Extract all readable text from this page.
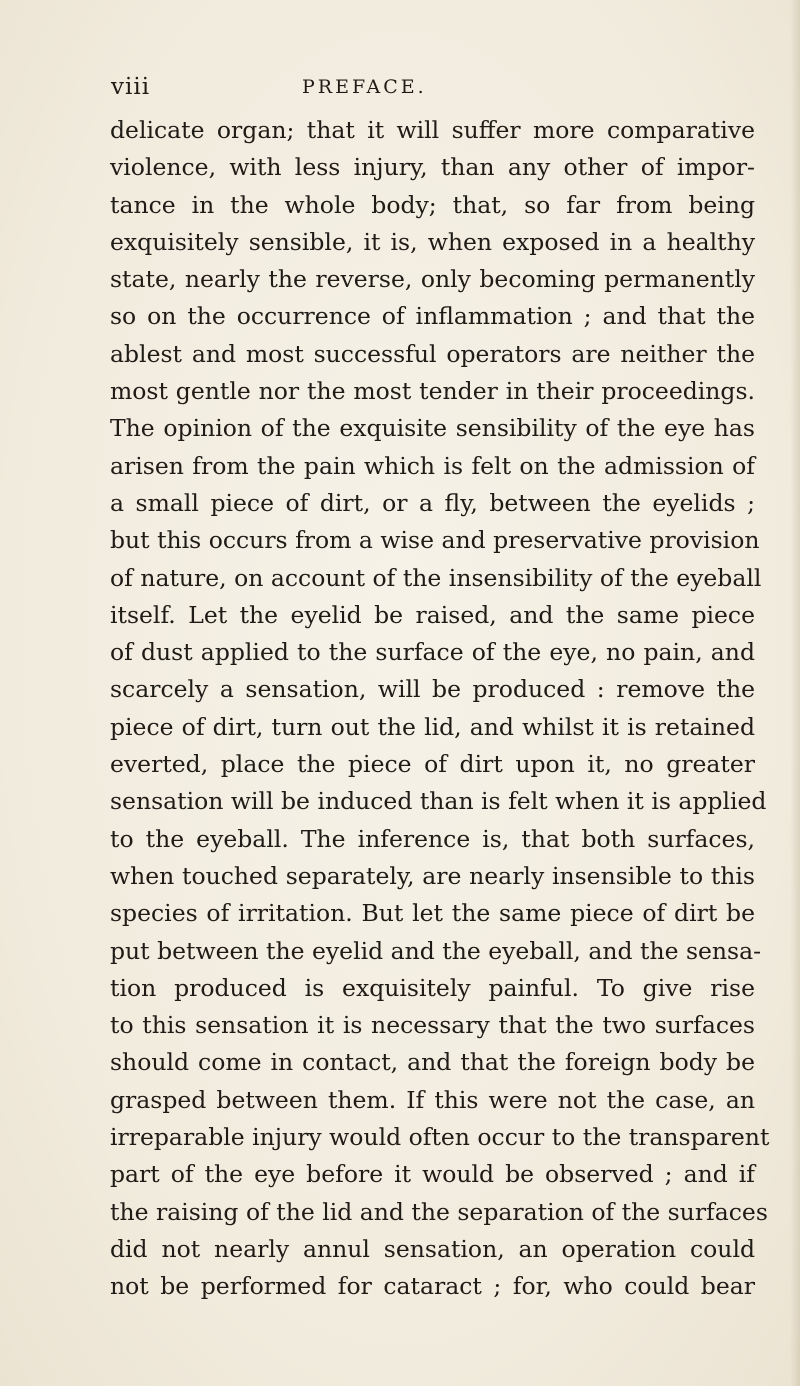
viii	PREFACE.
delicate organ; that it will suffer more comparative
violence, with less injury, than any other of impor-
tance in the whole body; that, so far from being
exquisitely sensible, it is, when exposed in a healthy
state, nearly the reverse, only becoming permanently
so on the occurrence of inflammation ; and that the
ablest and most successful operators are neither the
most gentle nor the most tender in their proceedings.
The opinion of the exquisite sensibility of the eye has
arisen from the pain which is felt on the admission of
a small piece of dirt, or a fly, between the eyelids ;
but this occurs from a wise and preservative provision
of nature, on account of the insensibility of the eyeball
itself. Let the eyelid be raised, and the same piece
of dust applied to the surface of the eye, no pain, and
scarcely a sensation, will be produced : remove the
piece of dirt, turn out the lid, and whilst it is retained
everted, place the piece of dirt upon it, no greater
sensation will be induced than is felt when it is applied
to the eyeball. The inference is, that both surfaces,
when touched separately, are nearly insensible to this
species of irritation. But let the same piece of dirt be
put between the eyelid and the eyeball, and the sensa-
tion produced is exquisitely painful. To give rise
to this sensation it is necessary that the two surfaces
should come in contact, and that the foreign body be
grasped between them. If this were not the case, an
irreparable injury would often occur to the transparent
part of the eye before it would be observed ; and if
the raising of the lid and the separation of the surfaces
did not nearly annul sensation, an operation could
not be performed for cataract ; for, who could bear
